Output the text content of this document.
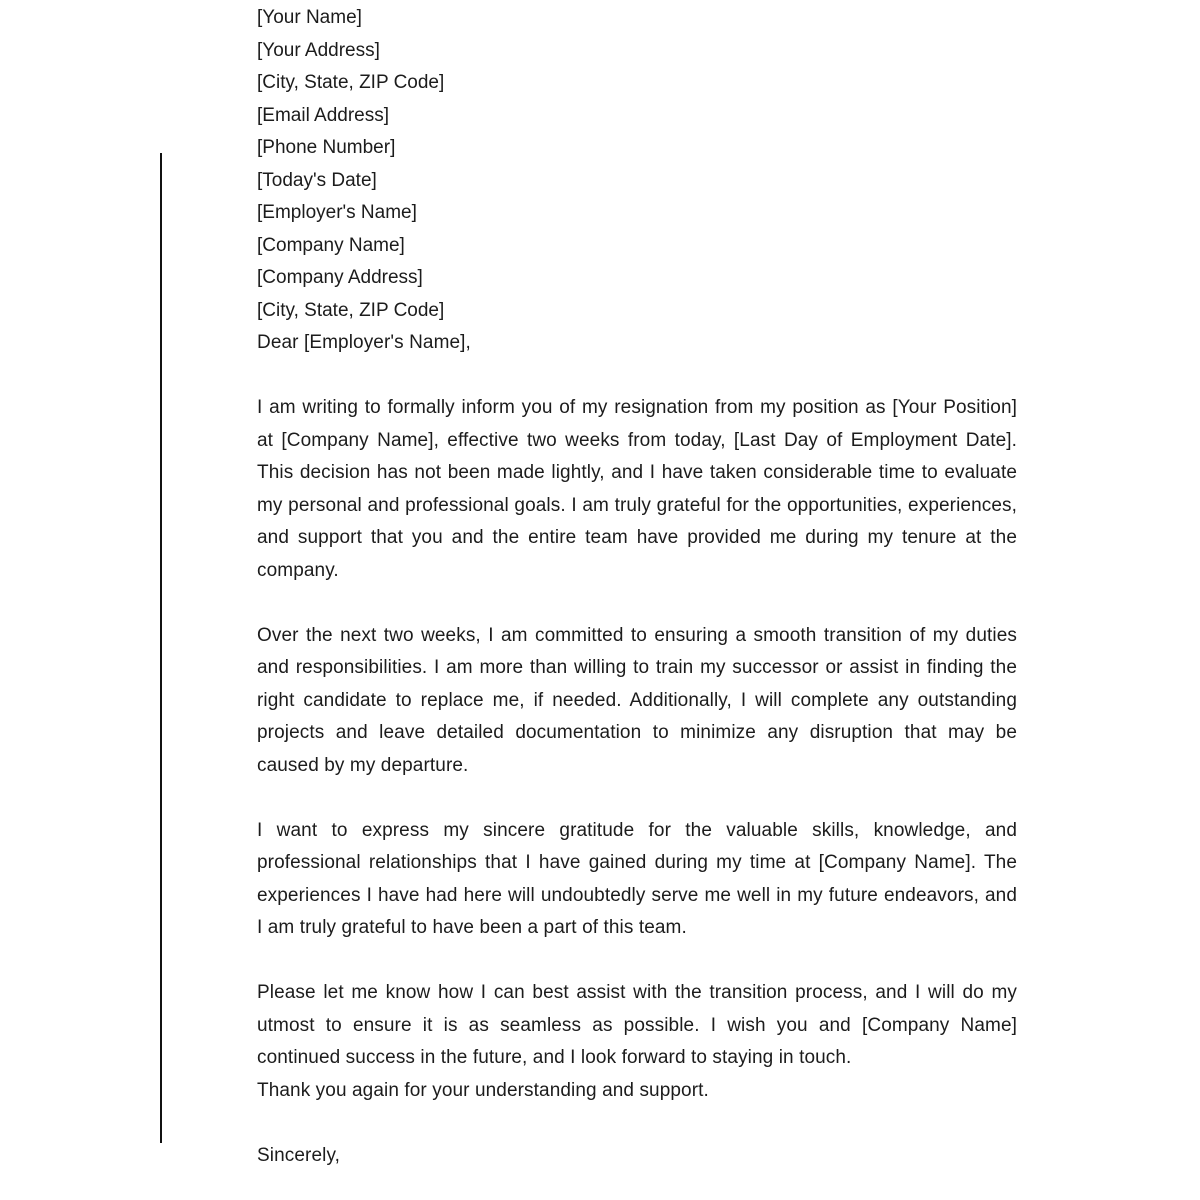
[Your Name]
[Your Address]
[City, State, ZIP Code]
[Email Address]
[Phone Number]
[Today's Date]
[Employer's Name]
[Company Name]
[Company Address]
[City, State, ZIP Code]

Dear [Employer's Name],

I am writing to formally inform you of my resignation from my position as [Your Position] at [Company Name], effective two weeks from today, [Last Day of Employment Date]. This decision has not been made lightly, and I have taken considerable time to evaluate my personal and professional goals. I am truly grateful for the opportunities, experiences, and support that you and the entire team have provided me during my tenure at the company.

Over the next two weeks, I am committed to ensuring a smooth transition of my duties and responsibilities. I am more than willing to train my successor or assist in finding the right candidate to replace me, if needed. Additionally, I will complete any outstanding projects and leave detailed documentation to minimize any disruption that may be caused by my departure.

I want to express my sincere gratitude for the valuable skills, knowledge, and professional relationships that I have gained during my time at [Company Name]. The experiences I have had here will undoubtedly serve me well in my future endeavors, and I am truly grateful to have been a part of this team.

Please let me know how I can best assist with the transition process, and I will do my utmost to ensure it is as seamless as possible. I wish you and [Company Name] continued success in the future, and I look forward to staying in touch.

Thank you again for your understanding and support.

Sincerely,
